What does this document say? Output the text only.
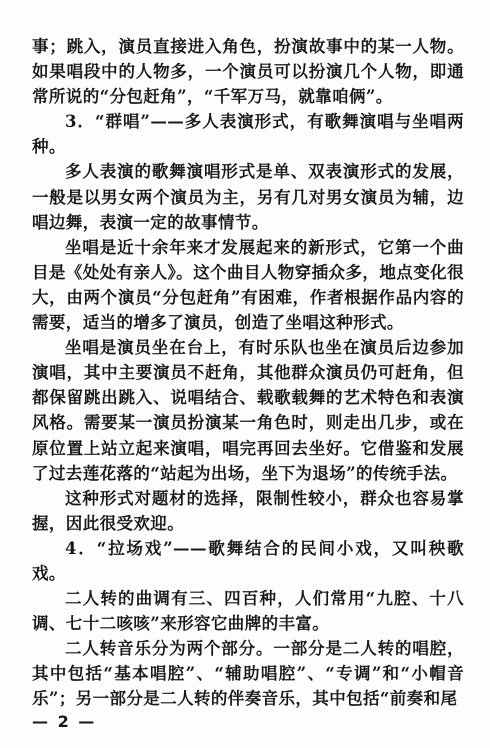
事；跳入，演员直接进入角色，扮演故事中的某一人物。如果唱段中的人物多，一个演员可以扮演几个人物，即通常所说的“分包赶角”，“千军万马，就靠咱俩”。

3．“群唱”——多人表演形式，有歌舞演唱与坐唱两种。

多人表演的歌舞演唱形式是单、双表演形式的发展，一般是以男女两个演员为主，另有几对男女演员为辅，边唱边舞，表演一定的故事情节。

坐唱是近十余年来才发展起来的新形式，它第一个曲目是《处处有亲人》。这个曲目人物穿插众多，地点变化很大，由两个演员“分包赶角”有困难，作者根据作品内容的需要，适当的增多了演员，创造了坐唱这种形式。

坐唱是演员坐在台上，有时乐队也坐在演员后边参加演唱，其中主要演员不赶角，其他群众演员仍可赶角，但都保留跳出跳入、说唱结合、载歌载舞的艺术特色和表演风格。需要某一演员扮演某一角色时，则走出几步，或在原位置上站立起来演唱，唱完再回去坐好。它借鉴和发展了过去莲花落的“站起为出场，坐下为退场”的传统手法。

这种形式对题材的选择，限制性较小，群众也容易掌握，因此很受欢迎。

4．“拉场戏”——歌舞结合的民间小戏，又叫秧歌戏。

二人转的曲调有三、四百种，人们常用“九腔、十八调、七十二咳咳”来形容它曲牌的丰富。

二人转音乐分为两个部分。一部分是二人转的唱腔，其中包括“基本唱腔”、“辅助唱腔”、“专调”和“小帽音乐”；另一部分是二人转的伴奏音乐，其中包括“前奏和尾

— 2 —
